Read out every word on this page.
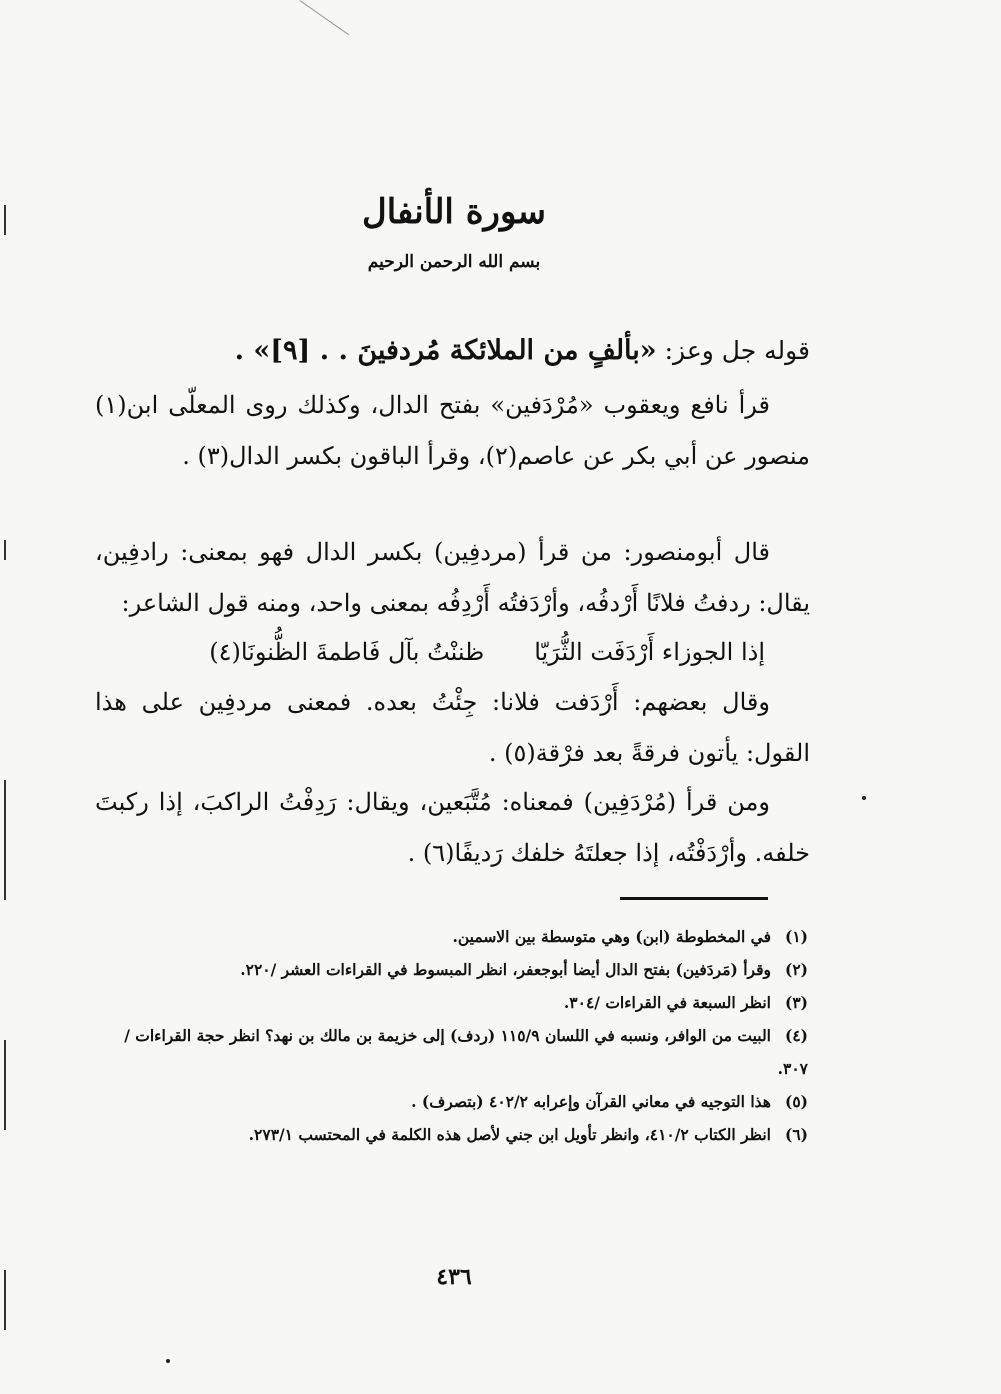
سورة الأنفال
بسم الله الرحمن الرحيم
قوله جل وعز: «بألفٍ من الملائكة مُردفينَ . . [٩]» .

قرأ نافع ويعقوب «مُرْدَفين» بفتح الدال، وكذلك روى المعلّى ابن(١) منصور عن أبي بكر عن عاصم(٢)، وقرأ الباقون بكسر الدال(٣) .

قال أبومنصور: من قرأ (مردفِين) بكسر الدال فهو بمعنى: رادفِين، يقال: ردفتُ فلانًا أَرْدفُه، وأرْدَفتُه أَرْدِفُه بمعنى واحد، ومنه قول الشاعر:

إذا الجوزاء أَرْدَفَت الثُّرَيّاظننْتُ بآل فَاطمةَ الظُّنونَا(٤)

وقال بعضهم: أَرْدَفت فلانا: جِئْتُ بعده. فمعنى مردفِين على هذا القول: يأتون فرقةً بعد فرْقة(٥) .

ومن قرأ (مُرْدَفِين) فمعناه: مُتَّبَعين، ويقال: رَدِفْتُ الراكبَ، إذا ركبتَ خلفه. وأرْدَفْتُه، إذا جعلتَهُ خلفك رَديفًا(٦) .

(١)في المخطوطة (ابن) وهي متوسطة بين الاسمين.

(٢)وقرأ (مَردَفين) بفتح الدال أيضا أبوجعفر، انظر المبسوط في القراءات العشر /٢٢٠.

(٣)انظر السبعة في القراءات /٣٠٤.

(٤)البيت من الوافر، ونسبه في اللسان ١١٥/٩ (ردف) إلى خزيمة بن مالك بن نهد؟ انظر حجة القراءات /٣٠٧.

(٥)هذا التوجيه في معاني القرآن وإعرابه ٤٠٢/٢ (بتصرف) .

(٦)انظر الكتاب ٤١٠/٢، وانظر تأويل ابن جني لأصل هذه الكلمة في المحتسب ٢٧٣/١.

٤٣٦
